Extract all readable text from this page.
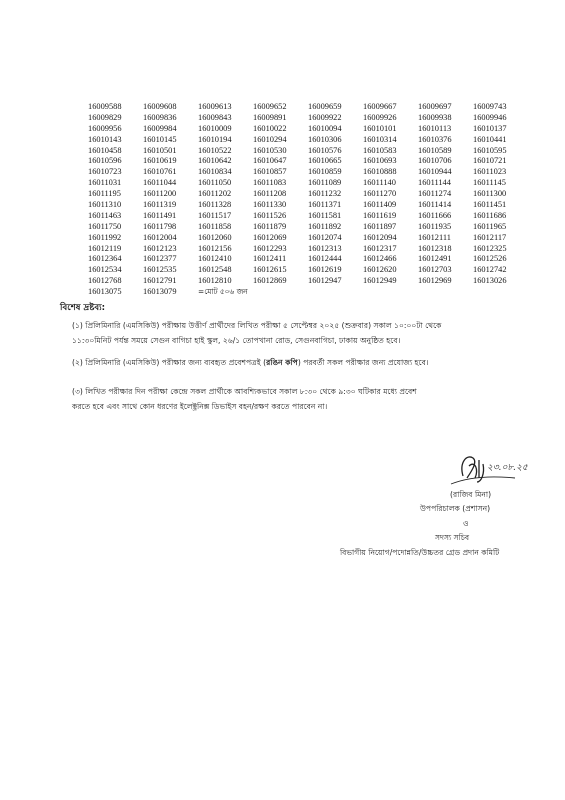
16009588	16009608	16009613	16009652	16009659	16009667	16009697	16009743
16009829	16009836	16009843	16009891	16009922	16009926	16009938	16009946
16009956	16009984	16010009	16010022	16010094	16010101	16010113	16010137
16010143	16010145	16010194	16010294	16010306	16010314	16010376	16010441
16010458	16010501	16010522	16010530	16010576	16010583	16010589	16010595
16010596	16010619	16010642	16010647	16010665	16010693	16010706	16010721
16010723	16010761	16010834	16010857	16010859	16010888	16010944	16011023
16011031	16011044	16011050	16011083	16011089	16011140	16011144	16011145
16011195	16011200	16011202	16011208	16011232	16011270	16011274	16011300
16011310	16011319	16011328	16011330	16011371	16011409	16011414	16011451
16011463	16011491	16011517	16011526	16011581	16011619	16011666	16011686
16011750	16011798	16011858	16011879	16011892	16011897	16011935	16011965
16011992	16012004	16012060	16012069	16012074	16012094	16012111	16012117
16012119	16012123	16012156	16012293	16012313	16012317	16012318	16012325
16012364	16012377	16012410	16012411	16012444	16012466	16012491	16012526
16012534	16012535	16012548	16012615	16012619	16012620	16012703	16012742
16012768	16012791	16012810	16012869	16012947	16012949	16012969	16013026
16013075	16013079	=মোট ৫০৬ জন
বিশেষ দ্রষ্টব্য:
(১) প্রিলিমিনারি (এমসিকিউ) পরীক্ষায় উত্তীর্ণ প্রার্থীদের লিখিত পরীক্ষা ৫ সেপ্টেম্বর ২০২৫ (শুক্রবার) সকাল ১০:০০টা থেকে
১১:৩০মিনিট পর্যন্ত সময়ে সেগুন বাগিচা হাই স্কুল, ২৬/১ তোপখানা রোড, সেগুনবাগিচা, ঢাকায় অনুষ্ঠিত হবে।
(২) প্রিলিমিনারি (এমসিকিউ) পরীক্ষার জন্য ব্যবহৃত প্রবেশপত্রই (রঙিন কপি) পরবর্তী সকল পরীক্ষার জন্য প্রযোজ্য হবে।
(৩) লিখিত পরীক্ষার দিন পরীক্ষা কেন্দ্রে সকল প্রার্থীকে আবশ্যিকভাবে সকাল ৮:৩০ থেকে ৯:৩০ ঘটিকার মধ্যে প্রবেশ
করতে হবে এবং সাথে কোন ধরণের ইলেক্ট্রনিক্স ডিভাইস বহন/রক্ষণ করতে পারবেন না।
২৩.০৮.২৫
(রাজিব মিনা)
উপপরিচালক (প্রশাসন)
ও
সদস্য সচিব
বিভাগীয় নিয়োগ/পদোন্নতি/উচ্চতর গ্রেড প্রদান কমিটি
